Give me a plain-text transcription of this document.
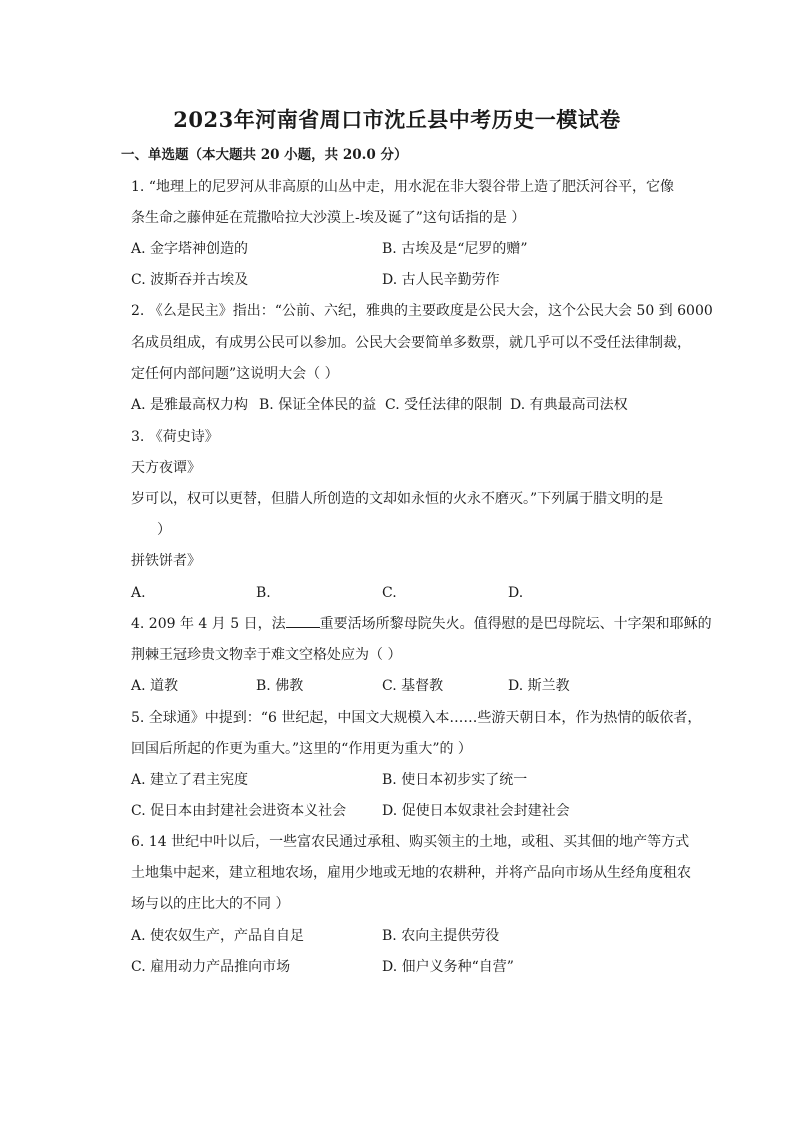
2023年河南省周口市沈丘县中考历史一模试卷
一、单选题（本大题共 20 小题，共 20.0 分）
1. “地理上的尼罗河从非高原的山丛中走，用水泥在非大裂谷带上造了肥沃河谷平，它像
条生命之藤伸延在荒撒哈拉大沙漠上-埃及诞了”这句话指的是 ）
A. 金字塔神创造的	B. 古埃及是“尼罗的赠”
C. 波斯吞并古埃及	D. 古人民辛勤劳作
2. 《么是民主》指出：“公前、六纪，雅典的主要政度是公民大会，这个公民大会 50 到 6000
名成员组成，有成男公民可以参加。公民大会要简单多数票，就几乎可以不受任法律制裁，
定任何内部问题”这说明大会（ ）
A. 是雅最高权力构 B. 保证全体民的益 C. 受任法律的限制 D. 有典最高司法权
3. 《荷史诗》
天方夜谭》
岁可以，权可以更替，但腊人所创造的文却如永恒的火永不磨灭。”下列属于腊文明的是
）
拼铁饼者》
A.	B.	C.	D.
4. 209 年 4 月 5 日，法 重要活场所黎母院失火。值得慰的是巴母院坛、十字架和耶稣的
荆棘王冠珍贵文物幸于难文空格处应为（ ）
A. 道教	B. 佛教	C. 基督教	D. 斯兰教
5. 全球通》中提到：“6 世纪起，中国文大规模入本……些游天朝日本，作为热情的皈依者，
回国后所起的作更为重大。”这里的“作用更为重大”的 ）
A. 建立了君主宪度	B. 使日本初步实了统一
C. 促日本由封建社会进资本义社会	D. 促使日本奴隶社会封建社会
6. 14 世纪中叶以后，一些富农民通过承租、购买领主的土地，或租、买其佃的地产等方式
土地集中起来，建立租地农场，雇用少地或无地的农耕种，并将产品向市场从生经角度租农
场与以的庄比大的不同 ）
A. 使农奴生产，产品自自足	B. 农向主提供劳役
C. 雇用动力产品推向市场	D. 佃户义务种“自营”
